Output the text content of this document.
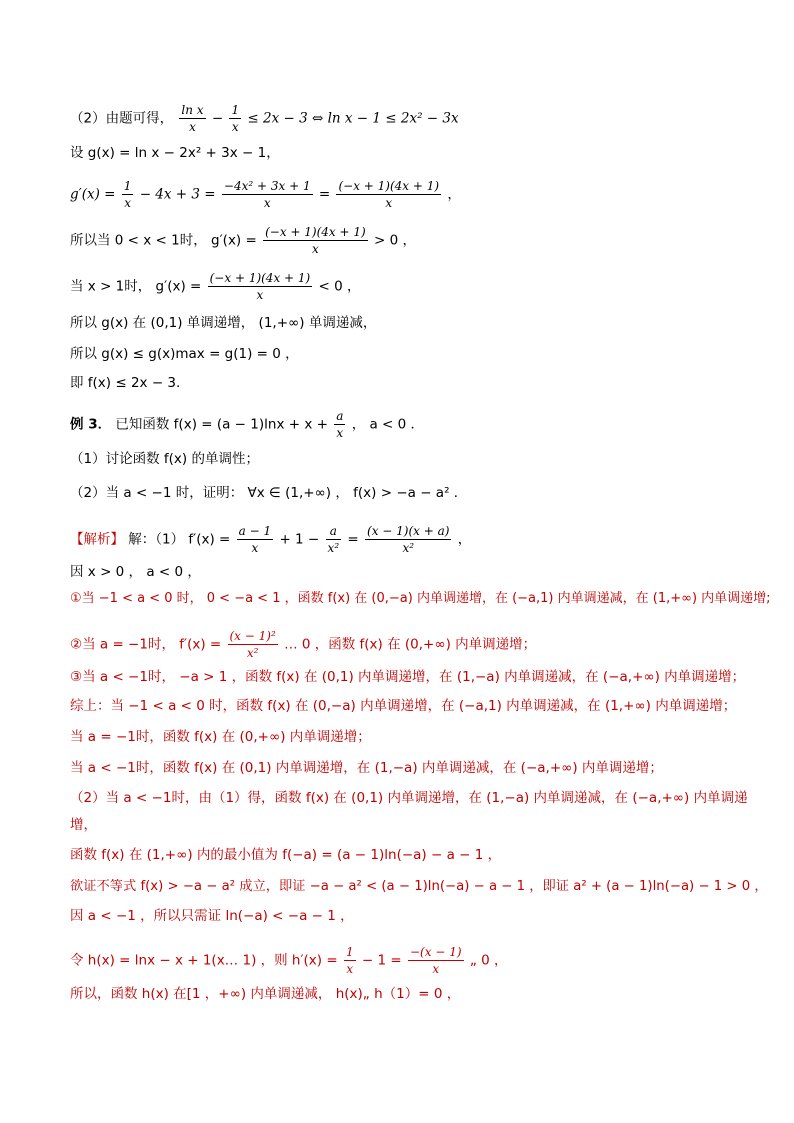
（2）由题可得， $\frac{\text{ln x}}{x} - \frac{1}{x} \le 2x - 3$ ⇔ ln x − 1 ≤ 2x² − 3x
设 g(x) = ln x − 2x² + 3x − 1，
$g'(x) = \frac{1}{x} - 4x + 3 = \frac{\text{−4x² + 3x + 1}}{x} = \frac{(-x + 1)(4x + 1)}{x}$ ，
所以当 0 < x < 1时， $g'(x) = \frac{(-x + 1)(4x + 1)}{x} > 0$ ，
当 x > 1时， $g'(x) = \frac{(-x + 1)(4x + 1)}{x} < 0$ ，
所以 g(x) 在 (0,1) 单调递增， (1,+∞) 单调递减，
所以 g(x) ≤ g(x)max = g(1) = 0 ，
即 f(x) ≤ 2x − 3.
例 3． 已知函数 $f(x) = (a - 1)\ln x + x + \frac{a}{x}$ ， a < 0 ．
（1）讨论函数 f(x) 的单调性；
（2）当 a < −1 时，证明： ∀x ∈ (1,+∞) ， f(x) > −a − a² ．
【解析】 解：（1） $f'(x) = \frac{a - 1}{x} + 1 - \frac{a}{\text{x²}} = \frac{(x - 1)(x + a)}{\text{x²}}$ ，
因 x > 0 ， a < 0 ，
①当 −1 < a < 0 时， 0 < −a < 1 ，函数 f(x) 在 (0,−a) 内单调递增，在 (−a,1) 内单调递减，在 (1,+∞) 内单调递增;
②当 a = −1时， $f'(x) = \frac{\text{(x − 1)²}}{\text{x²}}$ … 0 ，函数 f(x) 在 (0,+∞) 内单调递增；
③当 a < −1时， −a > 1 ，函数 f(x) 在 (0,1) 内单调递增，在 (1,−a) 内单调递减，在 (−a,+∞) 内单调递增；
综上：当 −1 < a < 0 时，函数 f(x) 在 (0,−a) 内单调递增，在 (−a,1) 内单调递减，在 (1,+∞) 内单调递增；
当 a = −1时，函数 f(x) 在 (0,+∞) 内单调递增；
当 a < −1时，函数 f(x) 在 (0,1) 内单调递增，在 (1,−a) 内单调递减，在 (−a,+∞) 内单调递增；
（2）当 a < −1时，由（1）得，函数 f(x) 在 (0,1) 内单调递增，在 (1,−a) 内单调递减，在 (−a,+∞) 内单调递
增，
函数 f(x) 在 (1,+∞) 内的最小值为 f(−a) = (a − 1)ln(−a) − a − 1 ，
欲证不等式 f(x) > −a − a² 成立，即证 −a − a² < (a − 1)ln(−a) − a − 1 ，即证 a² + (a − 1)ln(−a) − 1 > 0 ，
因 a < −1 ，所以只需证 ln(−a) < −a − 1 ，
令 h(x) = lnx − x + 1(x… 1) ，则 $h'(x) = \frac{1}{x} - 1 = \frac{-(x - 1)}{x}$ „ 0 ，
所以，函数 h(x) 在[1 ，+∞) 内单调递减， h(x)„ h（1）= 0 ，
